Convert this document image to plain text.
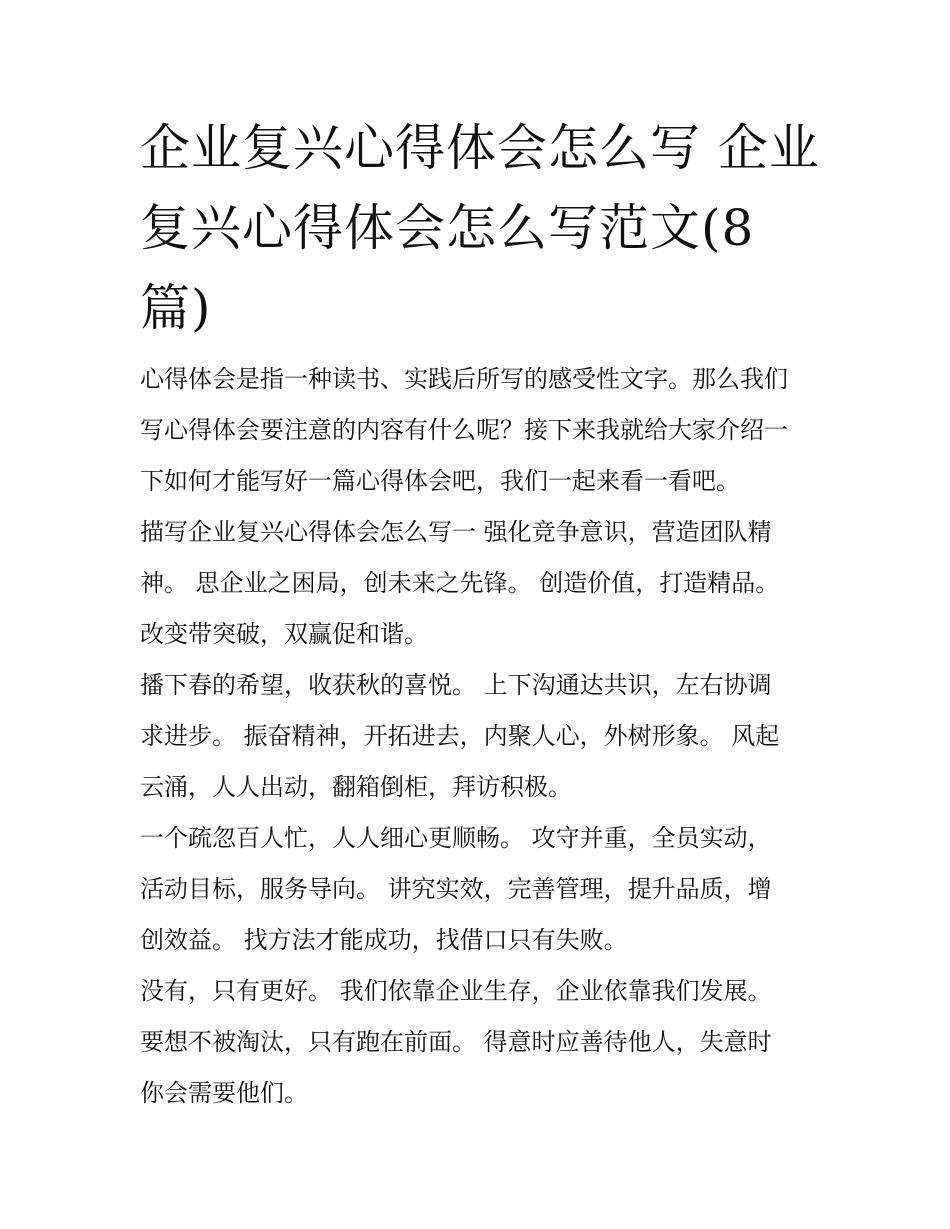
企业复兴心得体会怎么写 企业
复兴心得体会怎么写范文(8
篇)

心得体会是指一种读书、实践后所写的感受性文字。那么我们
写心得体会要注意的内容有什么呢？接下来我就给大家介绍一
下如何才能写好一篇心得体会吧，我们一起来看一看吧。

描写企业复兴心得体会怎么写一 强化竞争意识，营造团队精
神。 思企业之困局，创未来之先锋。 创造价值，打造精品。
改变带突破，双赢促和谐。

播下春的希望，收获秋的喜悦。 上下沟通达共识，左右协调
求进步。 振奋精神，开拓进去，内聚人心，外树形象。 风起
云涌，人人出动，翻箱倒柜，拜访积极。

一个疏忽百人忙，人人细心更顺畅。 攻守并重，全员实动，
活动目标，服务导向。 讲究实效，完善管理，提升品质，增
创效益。 找方法才能成功，找借口只有失败。

没有，只有更好。 我们依靠企业生存，企业依靠我们发展。
要想不被淘汰，只有跑在前面。 得意时应善待他人，失意时
你会需要他们。
